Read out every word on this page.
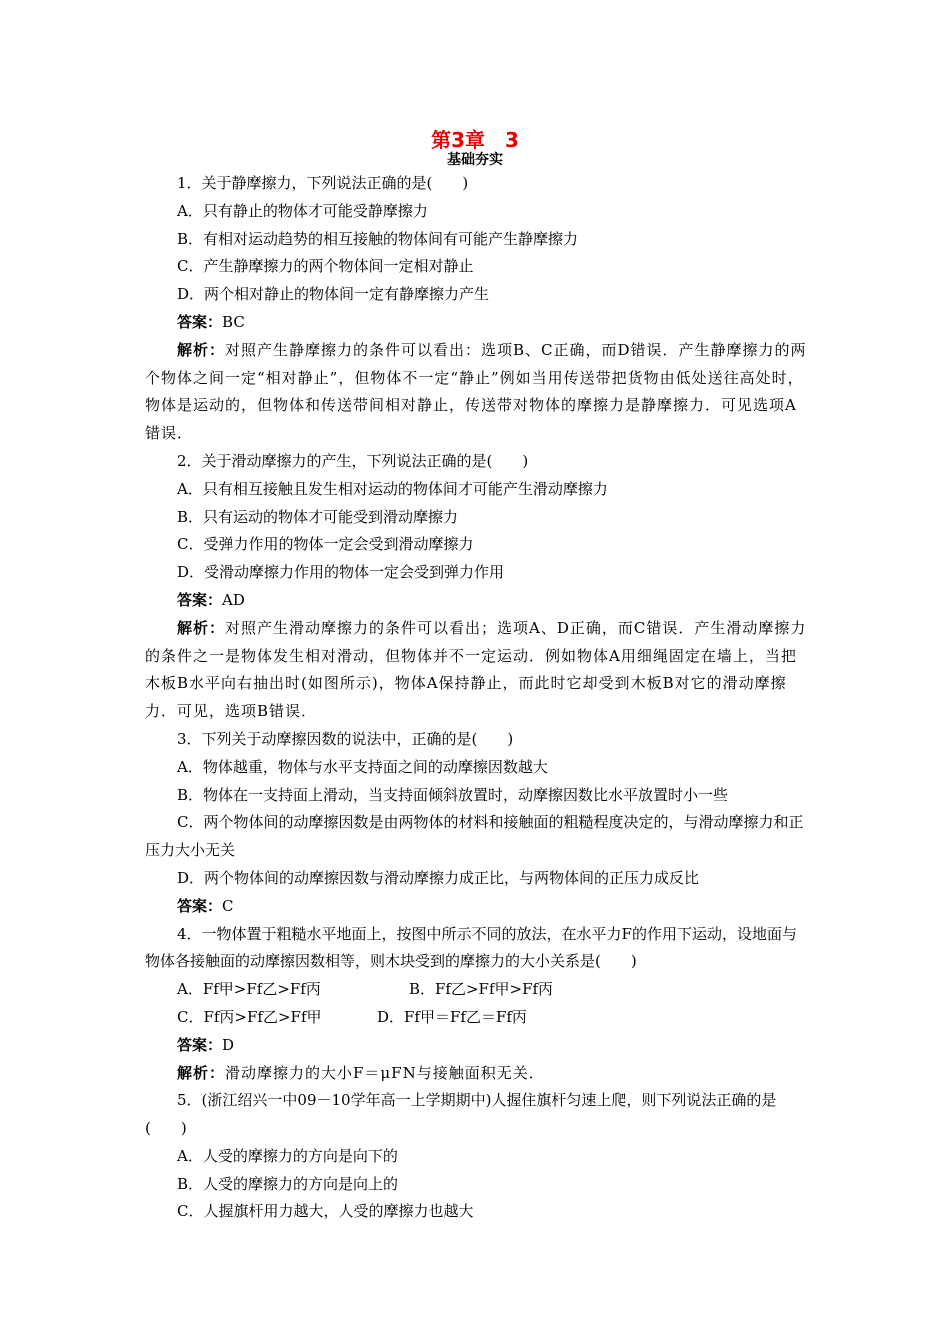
第3章　3
基础夯实

1．关于静摩擦力，下列说法正确的是(　　)

A．只有静止的物体才可能受静摩擦力

B．有相对运动趋势的相互接触的物体间有可能产生静摩擦力

C．产生静摩擦力的两个物体间一定相对静止

D．两个相对静止的物体间一定有静摩擦力产生

答案：BC

解析：对照产生静摩擦力的条件可以看出：选项B、C正确，而D错误．产生静摩擦力的两个物体之间一定“相对静止”，但物体不一定“静止”例如当用传送带把货物由低处送往高处时，物体是运动的，但物体和传送带间相对静止，传送带对物体的摩擦力是静摩擦力．可见选项A错误．

2．关于滑动摩擦力的产生，下列说法正确的是(　　)

A．只有相互接触且发生相对运动的物体间才可能产生滑动摩擦力

B．只有运动的物体才可能受到滑动摩擦力

C．受弹力作用的物体一定会受到滑动摩擦力

D．受滑动摩擦力作用的物体一定会受到弹力作用

答案：AD

解析：对照产生滑动摩擦力的条件可以看出；选项A、D正确，而C错误．产生滑动摩擦力的条件之一是物体发生相对滑动，但物体并不一定运动．例如物体A用细绳固定在墙上，当把木板B水平向右抽出时(如图所示)，物体A保持静止，而此时它却受到木板B对它的滑动摩擦力．可见，选项B错误．

3．下列关于动摩擦因数的说法中，正确的是(　　)

A．物体越重，物体与水平支持面之间的动摩擦因数越大

B．物体在一支持面上滑动，当支持面倾斜放置时，动摩擦因数比水平放置时小一些

C．两个物体间的动摩擦因数是由两物体的材料和接触面的粗糙程度决定的，与滑动摩擦力和正压力大小无关

D．两个物体间的动摩擦因数与滑动摩擦力成正比，与两物体间的正压力成反比

答案：C

4．一物体置于粗糙水平地面上，按图中所示不同的放法，在水平力F的作用下运动，设地面与物体各接触面的动摩擦因数相等，则木块受到的摩擦力的大小关系是(　　)

A．Ff甲>Ff乙>Ff丙	B．Ff乙>Ff甲>Ff丙
C．Ff丙>Ff乙>Ff甲	D．Ff甲＝Ff乙＝Ff丙

答案：D

解析：滑动摩擦力的大小F＝μFN与接触面积无关．

5．(浙江绍兴一中09－10学年高一上学期期中)人握住旗杆匀速上爬，则下列说法正确的是(　　)

A．人受的摩擦力的方向是向下的

B．人受的摩擦力的方向是向上的

C．人握旗杆用力越大，人受的摩擦力也越大
